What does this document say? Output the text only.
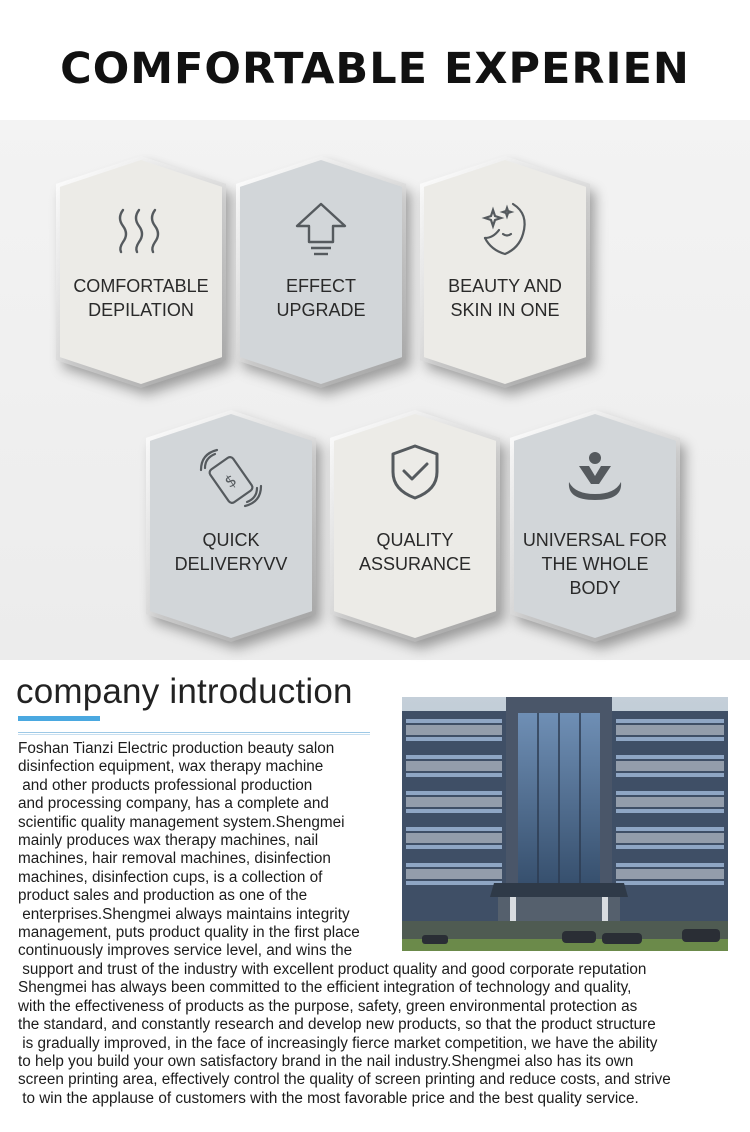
COMFORTABLE EXPERIEN
COMFORTABLE
DEPILATION
EFFECT
UPGRADE
BEAUTY AND
SKIN IN ONE
$
QUICK
DELIVERYVV
QUALITY
ASSURANCE
UNIVERSAL FOR
THE WHOLE BODY
company introduction
Foshan Tianzi Electric production beauty salon
disinfection equipment, wax therapy machine
and other products professional production
and processing company, has a complete and
scientific quality management system.Shengmei
mainly produces wax therapy machines, nail
machines, hair removal machines, disinfection
machines, disinfection cups, is a collection of
product sales and production as one of the
enterprises.Shengmei always maintains integrity
management, puts product quality in the first place
continuously improves service level, and wins the
support and trust of the industry with excellent product quality and good corporate reputation
Shengmei has always been committed to the efficient integration of technology and quality,
with the effectiveness of products as the purpose, safety, green environmental protection as
the standard, and constantly research and develop new products, so that the product structure
is gradually improved, in the face of increasingly fierce market competition, we have the ability
to help you build your own satisfactory brand in the nail industry.Shengmei also has its own
screen printing area, effectively control the quality of screen printing and reduce costs, and strive
to win the applause of customers with the most favorable price and the best quality service.
